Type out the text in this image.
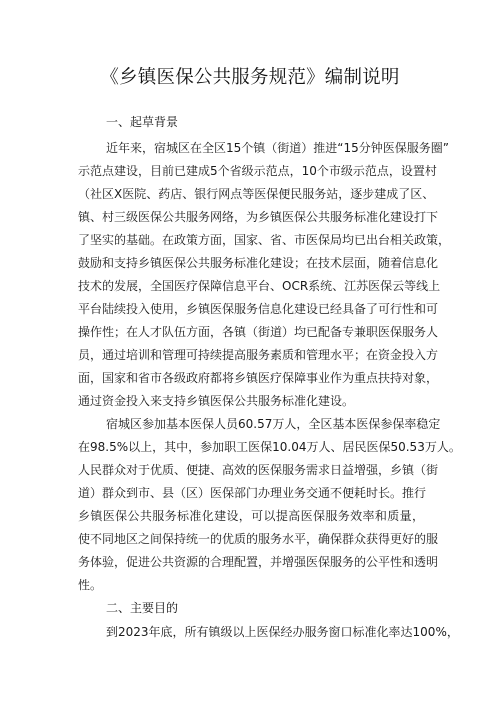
《乡镇医保公共服务规范》编制说明
一、起草背景
近年来，宿城区在全区15个镇（街道）推进“15分钟医保服务圈”
示范点建设，目前已建成5个省级示范点，10个市级示范点，设置村
（社区X医院、药店、银行网点等医保便民服务站，逐步建成了区、
镇、村三级医保公共服务网络，为乡镇医保公共服务标准化建设打下
了坚实的基础。在政策方面，国家、省、市医保局均已出台相关政策，
鼓励和支持乡镇医保公共服务标准化建设；在技术层面，随着信息化
技术的发展，全国医疗保障信息平台、OCR系统、江苏医保云等线上
平台陆续投入使用，乡镇医保服务信息化建设已经具备了可行性和可
操作性；在人才队伍方面，各镇（街道）均已配备专兼职医保服务人
员，通过培训和管理可持续提高服务素质和管理水平；在资金投入方
面，国家和省市各级政府都将乡镇医疗保障事业作为重点扶持对象，
通过资金投入来支持乡镇医保公共服务标准化建设。
宿城区参加基本医保人员60.57万人，全区基本医保参保率稳定
在98.5%以上，其中，参加职工医保10.04万人、居民医保50.53万人。
人民群众对于优质、便捷、高效的医保服务需求日益增强，乡镇（街
道）群众到市、县（区）医保部门办理业务交通不便耗时长。推行
乡镇医保公共服务标准化建设，可以提高医保服务效率和质量，
使不同地区之间保持统一的优质的服务水平，确保群众获得更好的服
务体验，促进公共资源的合理配置，并增强医保服务的公平性和透明
性。
二、主要目的
到2023年底，所有镇级以上医保经办服务窗口标准化率达100%，
